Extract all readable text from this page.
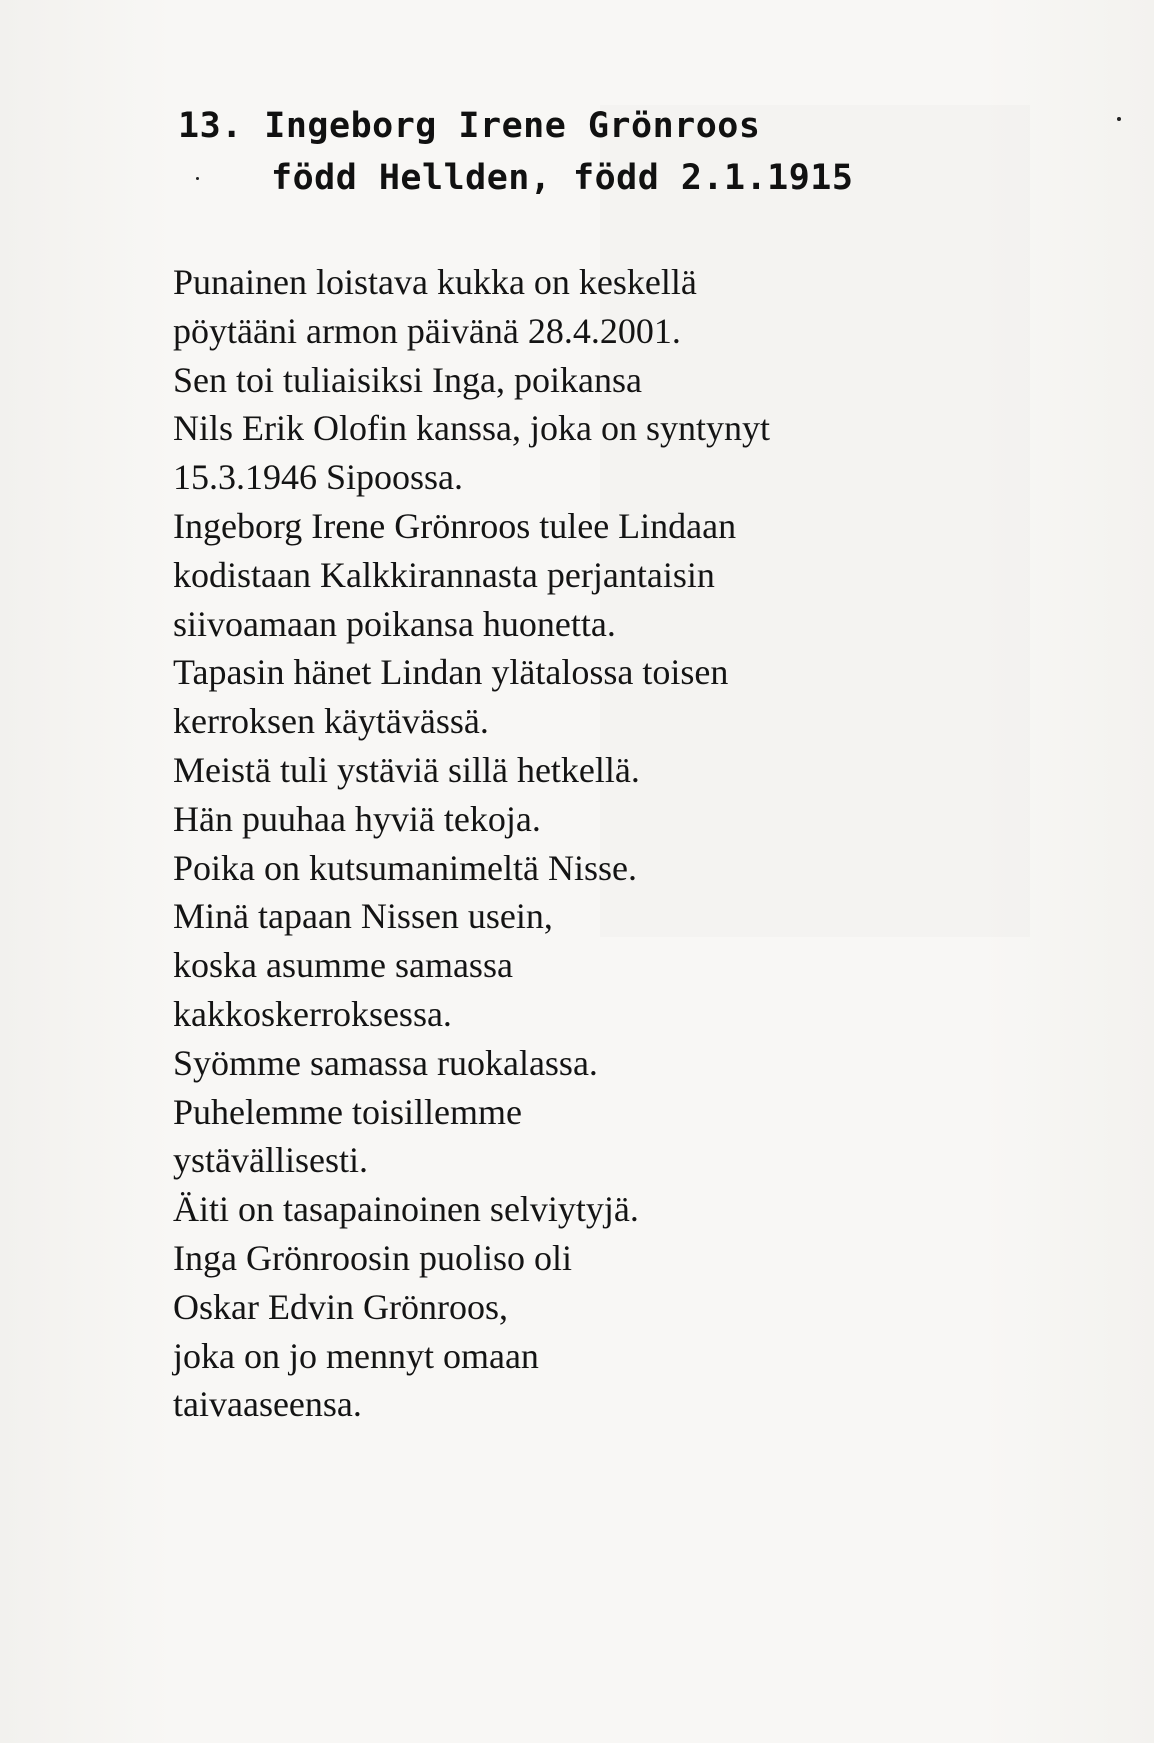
13. Ingeborg Irene Grönroos
född Hellden, född 2.1.1915
Punainen loistava kukka on keskellä
pöytääni armon päivänä 28.4.2001.
Sen toi tuliaisiksi Inga, poikansa
Nils Erik Olofin kanssa, joka on syntynyt
15.3.1946 Sipoossa.
Ingeborg Irene Grönroos tulee Lindaan
kodistaan Kalkkirannasta perjantaisin
siivoamaan poikansa huonetta.
Tapasin hänet Lindan ylätalossa toisen
kerroksen käytävässä.
Meistä tuli ystäviä sillä hetkellä.
Hän puuhaa hyviä tekoja.
Poika on kutsumanimeltä Nisse.
Minä tapaan Nissen usein,
koska asumme samassa
kakkoskerroksessa.
Syömme samassa ruokalassa.
Puhelemme toisillemme
ystävällisesti.
Äiti on tasapainoinen selviytyjä.
Inga Grönroosin puoliso oli
Oskar Edvin Grönroos,
joka on jo mennyt omaan
taivaaseensa.
